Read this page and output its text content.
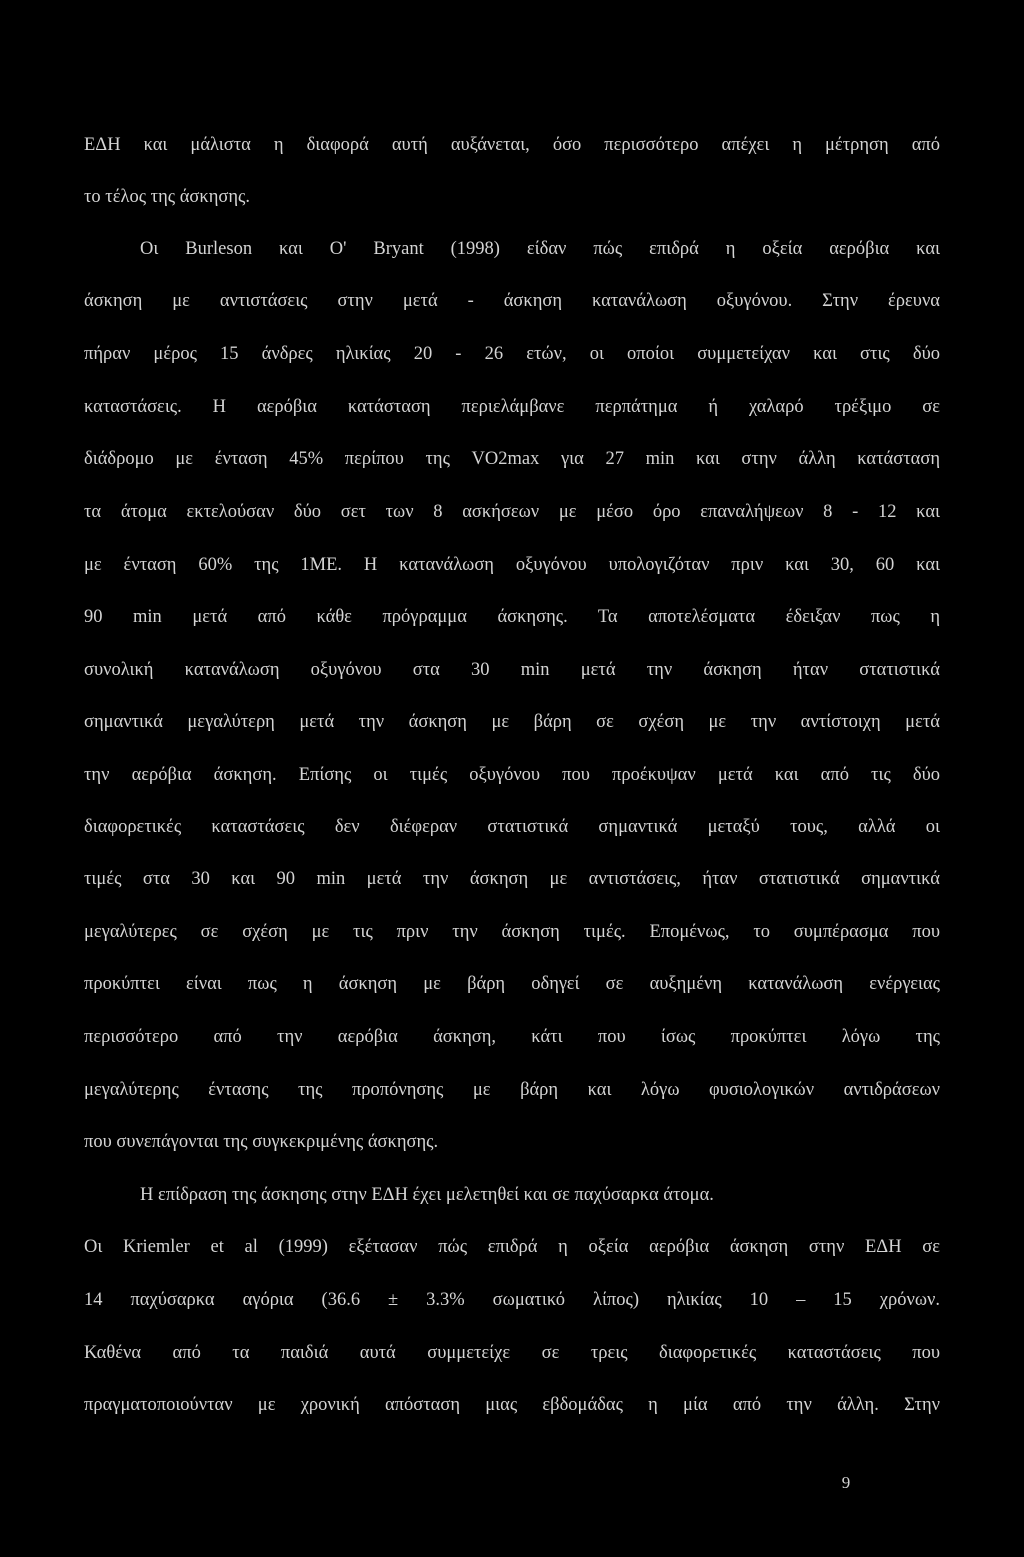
ΕΔΗ και μάλιστα η διαφορά αυτή αυξάνεται, όσο περισσότερο απέχει η μέτρηση από
το τέλος της άσκησης.
Οι Burleson και O' Bryant (1998) είδαν πώς επιδρά η οξεία αερόβια και
άσκηση με αντιστάσεις στην μετά - άσκηση κατανάλωση οξυγόνου. Στην έρευνα
πήραν μέρος 15 άνδρες ηλικίας 20 - 26 ετών, οι οποίοι συμμετείχαν και στις δύο
καταστάσεις. Η αερόβια κατάσταση περιελάμβανε περπάτημα ή χαλαρό τρέξιμο σε
διάδρομο με ένταση 45% περίπου της VO2max για 27 min και στην άλλη κατάσταση
τα άτομα εκτελούσαν δύο σετ των 8 ασκήσεων με μέσο όρο επαναλήψεων 8 - 12 και
με ένταση 60% της 1ΜΕ. Η κατανάλωση οξυγόνου υπολογιζόταν πριν και 30, 60 και
90 min μετά από κάθε πρόγραμμα άσκησης. Τα αποτελέσματα έδειξαν πως η
συνολική κατανάλωση οξυγόνου στα 30 min μετά την άσκηση ήταν στατιστικά
σημαντικά μεγαλύτερη μετά την άσκηση με βάρη σε σχέση με την αντίστοιχη μετά
την αερόβια άσκηση. Επίσης οι τιμές οξυγόνου που προέκυψαν μετά και από τις δύο
διαφορετικές καταστάσεις δεν διέφεραν στατιστικά σημαντικά μεταξύ τους, αλλά οι
τιμές στα 30 και 90 min μετά την άσκηση με αντιστάσεις, ήταν στατιστικά σημαντικά
μεγαλύτερες σε σχέση με τις πριν την άσκηση τιμές. Επομένως, το συμπέρασμα που
προκύπτει είναι πως η άσκηση με βάρη οδηγεί σε αυξημένη κατανάλωση ενέργειας
περισσότερο από την αερόβια άσκηση, κάτι που ίσως προκύπτει λόγω της
μεγαλύτερης έντασης της προπόνησης με βάρη και λόγω φυσιολογικών αντιδράσεων
που συνεπάγονται της συγκεκριμένης άσκησης.
Η επίδραση της άσκησης στην ΕΔΗ έχει μελετηθεί και σε παχύσαρκα άτομα.
Οι Kriemler et al (1999) εξέτασαν πώς επιδρά η οξεία αερόβια άσκηση στην ΕΔΗ σε
14 παχύσαρκα αγόρια (36.6 ± 3.3% σωματικό λίπος) ηλικίας 10 – 15 χρόνων.
Καθένα από τα παιδιά αυτά συμμετείχε σε τρεις διαφορετικές καταστάσεις που
πραγματοποιούνταν με χρονική απόσταση μιας εβδομάδας η μία από την άλλη. Στην
9
